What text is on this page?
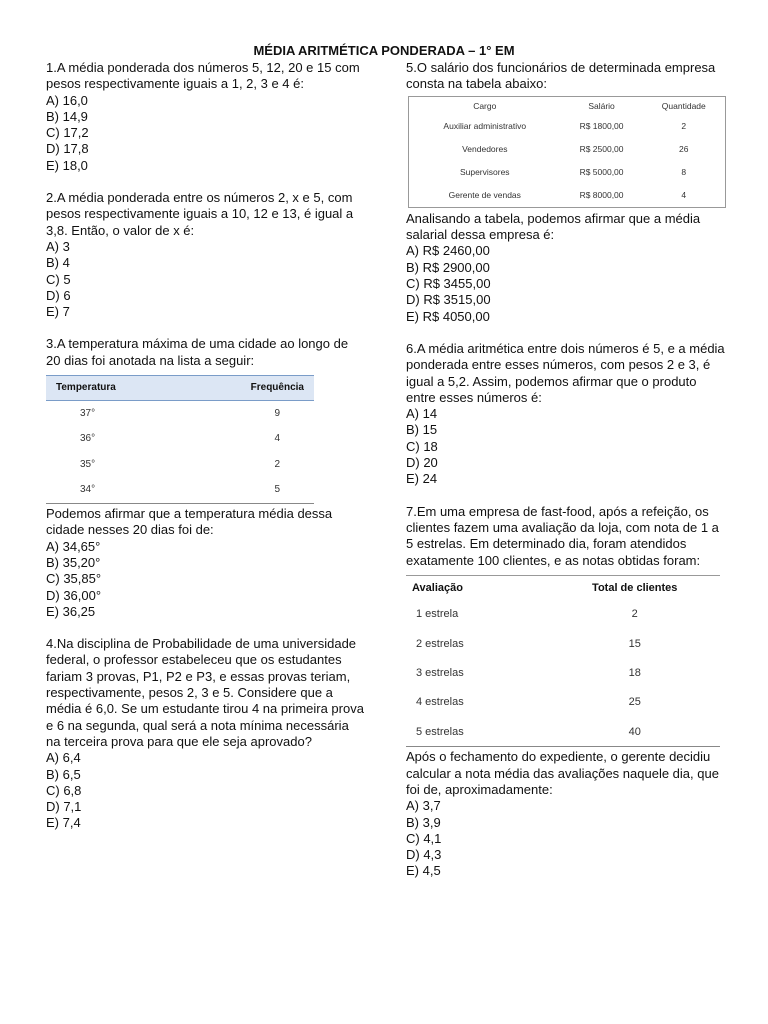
MÉDIA ARITMÉTICA PONDERADA – 1° EM
1.A média ponderada dos números 5, 12, 20 e 15 com pesos respectivamente iguais a 1, 2, 3 e 4 é:
A) 16,0
B) 14,9
C) 17,2
D) 17,8
E) 18,0
2.A média ponderada entre os números 2, x e 5, com pesos respectivamente iguais a 10, 12 e 13, é igual a 3,8. Então, o valor de x é:
A) 3
B) 4
C) 5
D) 6
E) 7
3.A temperatura máxima de uma cidade ao longo de 20 dias foi anotada na lista a seguir:
Temperatura	Frequência
37°	9
36°	4
35°	2
34°	5
Podemos afirmar que a temperatura média dessa cidade nesses 20 dias foi de:
A) 34,65°
B) 35,20°
C) 35,85°
D) 36,00°
E) 36,25
4.Na disciplina de Probabilidade de uma universidade federal, o professor estabeleceu que os estudantes fariam 3 provas, P1, P2 e P3, e essas provas teriam, respectivamente, pesos 2, 3 e 5. Considere que a média é 6,0. Se um estudante tirou 4 na primeira prova e 6 na segunda, qual será a nota mínima necessária na terceira prova para que ele seja aprovado?
A) 6,4
B) 6,5
C) 6,8
D) 7,1
E) 7,4
5.O salário dos funcionários de determinada empresa consta na tabela abaixo:
Cargo	Salário	Quantidade
Auxiliar administrativo	R$ 1800,00	2
Vendedores	R$ 2500,00	26
Supervisores	R$ 5000,00	8
Gerente de vendas	R$ 8000,00	4
Analisando a tabela, podemos afirmar que a média salarial dessa empresa é:
A) R$ 2460,00
B) R$ 2900,00
C) R$ 3455,00
D) R$ 3515,00
E) R$ 4050,00
6.A média aritmética entre dois números é 5, e a média ponderada entre esses números, com pesos 2 e 3, é igual a 5,2. Assim, podemos afirmar que o produto entre esses números é:
A) 14
B) 15
C) 18
D) 20
E) 24
7.Em uma empresa de fast-food, após a refeição, os clientes fazem uma avaliação da loja, com nota de 1 a 5 estrelas. Em determinado dia, foram atendidos exatamente 100 clientes, e as notas obtidas foram:
Avaliação	Total de clientes
1 estrela	2
2 estrelas	15
3 estrelas	18
4 estrelas	25
5 estrelas	40
Após o fechamento do expediente, o gerente decidiu calcular a nota média das avaliações naquele dia, que foi de, aproximadamente:
A) 3,7
B) 3,9
C) 4,1
D) 4,3
E) 4,5
